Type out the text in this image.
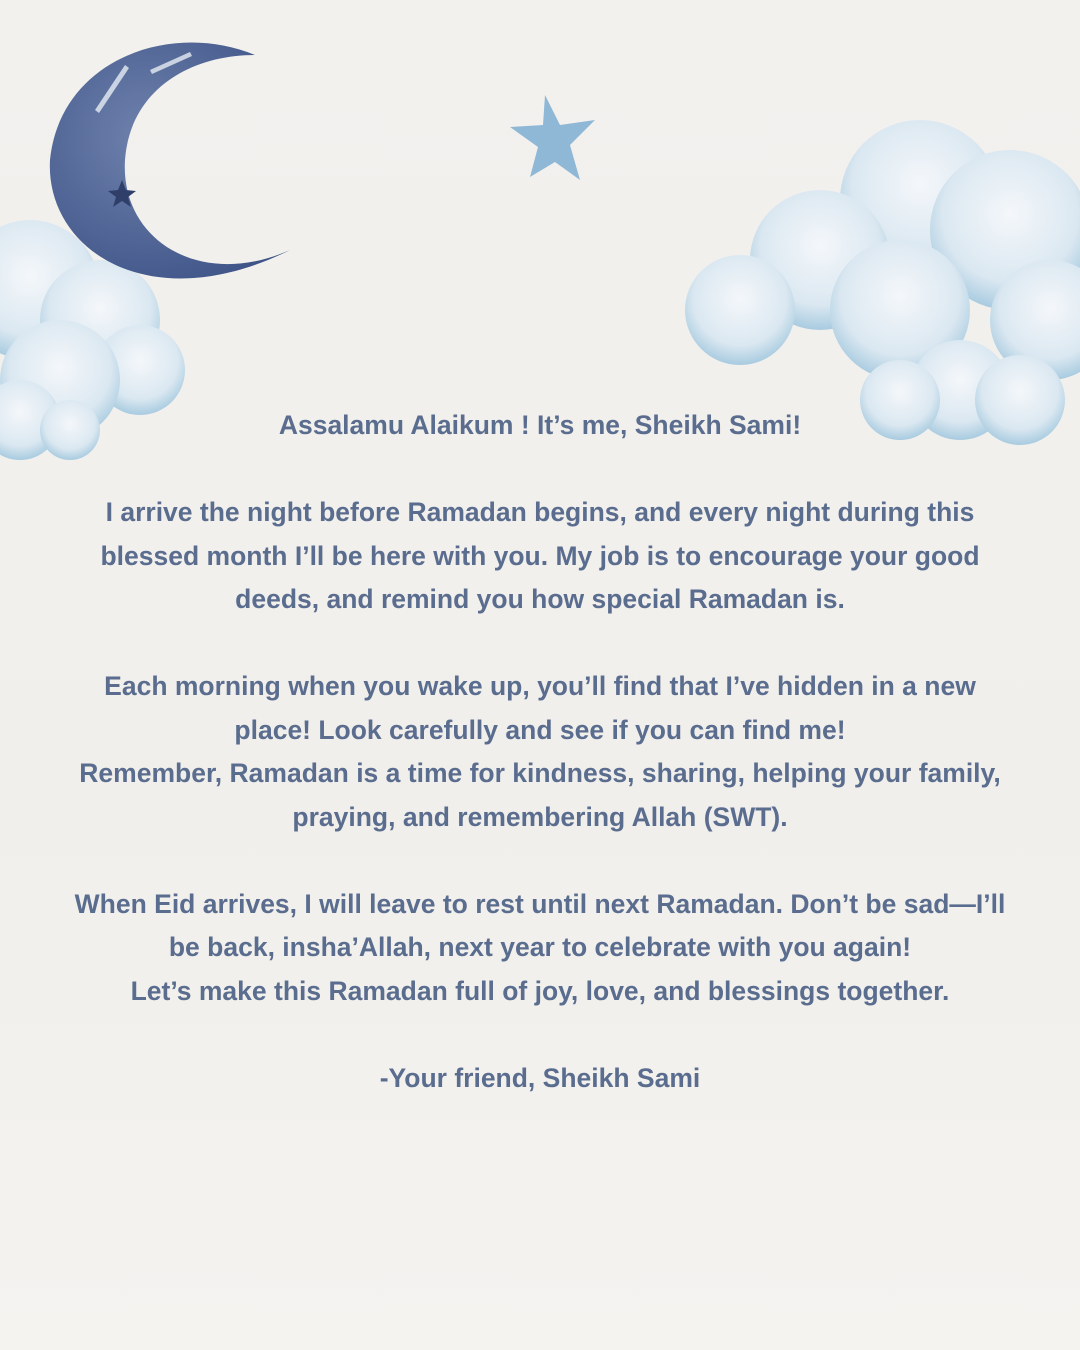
Assalamu Alaikum ! It’s me, Sheikh Sami!
I arrive the night before Ramadan begins, and every night during this
blessed month I’ll be here with you. My job is to encourage your good
deeds, and remind you how special Ramadan is.
Each morning when you wake up, you’ll find that I’ve hidden in a new
place! Look carefully and see if you can find me!
Remember, Ramadan is a time for kindness, sharing, helping your family,
praying, and remembering Allah (SWT).
When Eid arrives, I will leave to rest until next Ramadan. Don’t be sad—I’ll
be back, insha’Allah, next year to celebrate with you again!
Let’s make this Ramadan full of joy, love, and blessings together.
-Your friend, Sheikh Sami
